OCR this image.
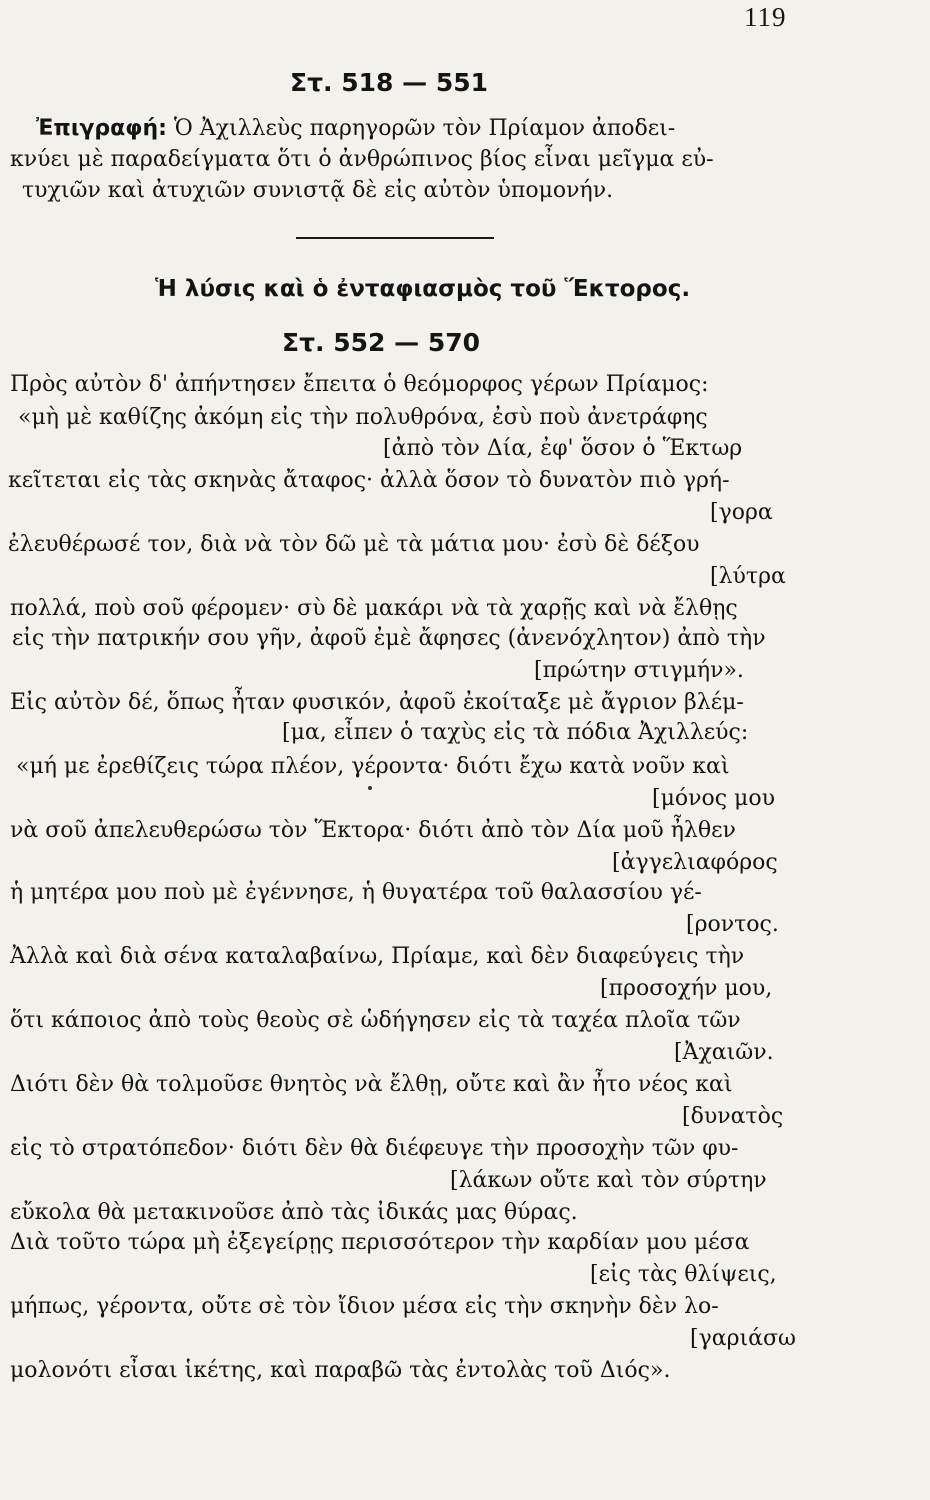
119
Στ. 518 — 551
Ἐπιγραφή: Ὁ Ἀχιλλεὺς παρηγορῶν τὸν Πρίαμον ἀποδει-
κνύει μὲ παραδείγματα ὅτι ὁ ἀνθρώπινος βίος εἶναι μεῖγμα εὐ-
τυχιῶν καὶ ἀτυχιῶν συνιστᾷ δὲ εἰς αὐτὸν ὑπομονήν.
Ἡ λύσις καὶ ὁ ἐνταφιασμὸς τοῦ Ἕκτορος.
Στ. 552 — 570
Πρὸς αὐτὸν δ' ἀπήντησεν ἔπειτα ὁ θεόμορφος γέρων Πρίαμος:
«μὴ μὲ καθίζης ἀκόμη εἰς τὴν πολυθρόνα, ἐσὺ ποὺ ἀνετράφης
[ἀπὸ τὸν Δία, ἐφ' ὅσον ὁ Ἕκτωρ
κεῖτεται εἰς τὰς σκηνὰς ἄταφος· ἀλλὰ ὅσον τὸ δυνατὸν πιὸ γρή-
[γορα
ἐλευθέρωσέ τον, διὰ νὰ τὸν δῶ μὲ τὰ μάτια μου· ἐσὺ δὲ δέξου
[λύτρα
πολλά, ποὺ σοῦ φέρομεν· σὺ δὲ μακάρι νὰ τὰ χαρῇς καὶ νὰ ἔλθῃς
εἰς τὴν πατρικήν σου γῆν, ἀφοῦ ἐμὲ ἄφησες (ἀνενόχλητον) ἀπὸ τὴν
[πρώτην στιγμήν».
Εἰς αὐτὸν δέ, ὅπως ἦταν φυσικόν, ἀφοῦ ἐκοίταξε μὲ ἄγριον βλέμ-
[μα, εἶπεν ὁ ταχὺς εἰς τὰ πόδια Ἀχιλλεύς:
«μή με ἐρεθίζεις τώρα πλέον, γέροντα· διότι ἔχω κατὰ νοῦν καὶ
[μόνος μου
νὰ σοῦ ἀπελευθερώσω τὸν Ἕκτορα· διότι ἀπὸ τὸν Δία μοῦ ἦλθεν
[ἀγγελιαφόρος
ἡ μητέρα μου ποὺ μὲ ἐγέννησε, ἡ θυγατέρα τοῦ θαλασσίου γέ-
[ροντος.
Ἀλλὰ καὶ διὰ σένα καταλαβαίνω, Πρίαμε, καὶ δὲν διαφεύγεις τὴν
[προσοχήν μου,
ὅτι κάποιος ἀπὸ τοὺς θεοὺς σὲ ὡδήγησεν εἰς τὰ ταχέα πλοῖα τῶν
[Ἀχαιῶν.
Διότι δὲν θὰ τολμοῦσε θνητὸς νὰ ἔλθῃ, οὔτε καὶ ἂν ἦτο νέος καὶ
[δυνατὸς
εἰς τὸ στρατόπεδον· διότι δὲν θὰ διέφευγε τὴν προσοχὴν τῶν φυ-
[λάκων οὔτε καὶ τὸν σύρτην
εὔκολα θὰ μετακινοῦσε ἀπὸ τὰς ἰδικάς μας θύρας.
Διὰ τοῦτο τώρα μὴ ἐξεγείρῃς περισσότερον τὴν καρδίαν μου μέσα
[εἰς τὰς θλίψεις,
μήπως, γέροντα, οὔτε σὲ τὸν ἴδιον μέσα εἰς τὴν σκηνὴν δὲν λο-
[γαριάσω
μολονότι εἶσαι ἱκέτης, καὶ παραβῶ τὰς ἐντολὰς τοῦ Διός».
